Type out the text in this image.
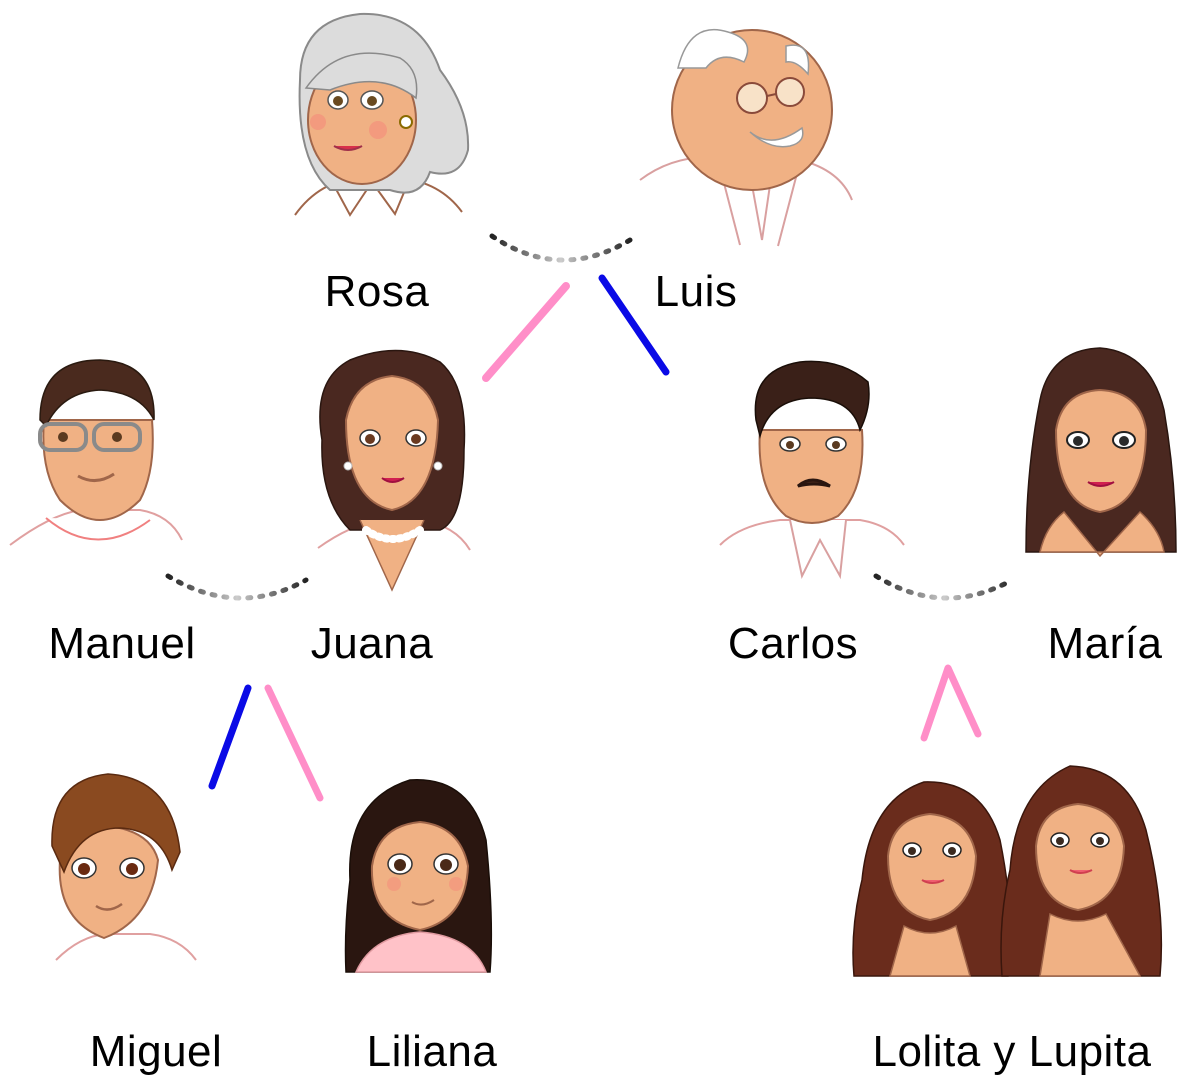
Rosa	Luis
Manuel	Juana	Carlos	María
Miguel	Liliana	Lolita y Lupita
